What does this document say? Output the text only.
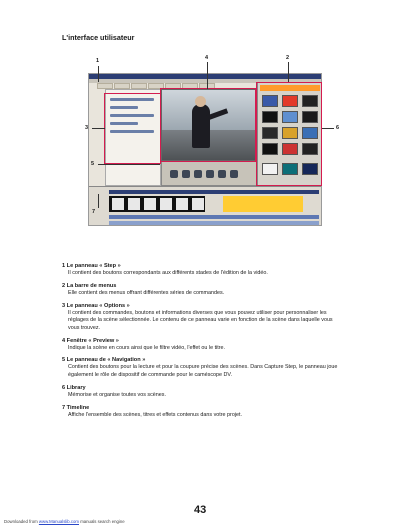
L'interface utilisateur
1	2
3
4
5
6
7
1 Le panneau « Step »
Il contient des boutons correspondants aux différents stades de l'édition de la vidéo.
2 La barre de menus
Elle contient des menus offrant différentes séries de commandes.
3 Le panneau « Options »
Il contient des commandes, boutons et informations diverses que vous pouvez utiliser pour personnaliser les réglages de la scène sélectionnée. Le contenu de ce panneau varie en fonction de la scène dans laquelle vous vous trouvez.
4 Fenêtre « Preview »
Indique la scène en cours ainsi que le filtre vidéo, l'effet ou le titre.
5 Le panneau de « Navigation »
Contient des boutons pour la lecture et pour la coupure précise des scènes. Dans Capture Step, le panneau joue également le rôle de dispositif de commande pour le caméscope DV.
6 Library
Mémorise et organise toutes vos scènes.
7 Timeline
Affiche l'ensemble des scènes, titres et effets contenus dans votre projet.
43
Downloaded from www.Manualslib.com manuals search engine
